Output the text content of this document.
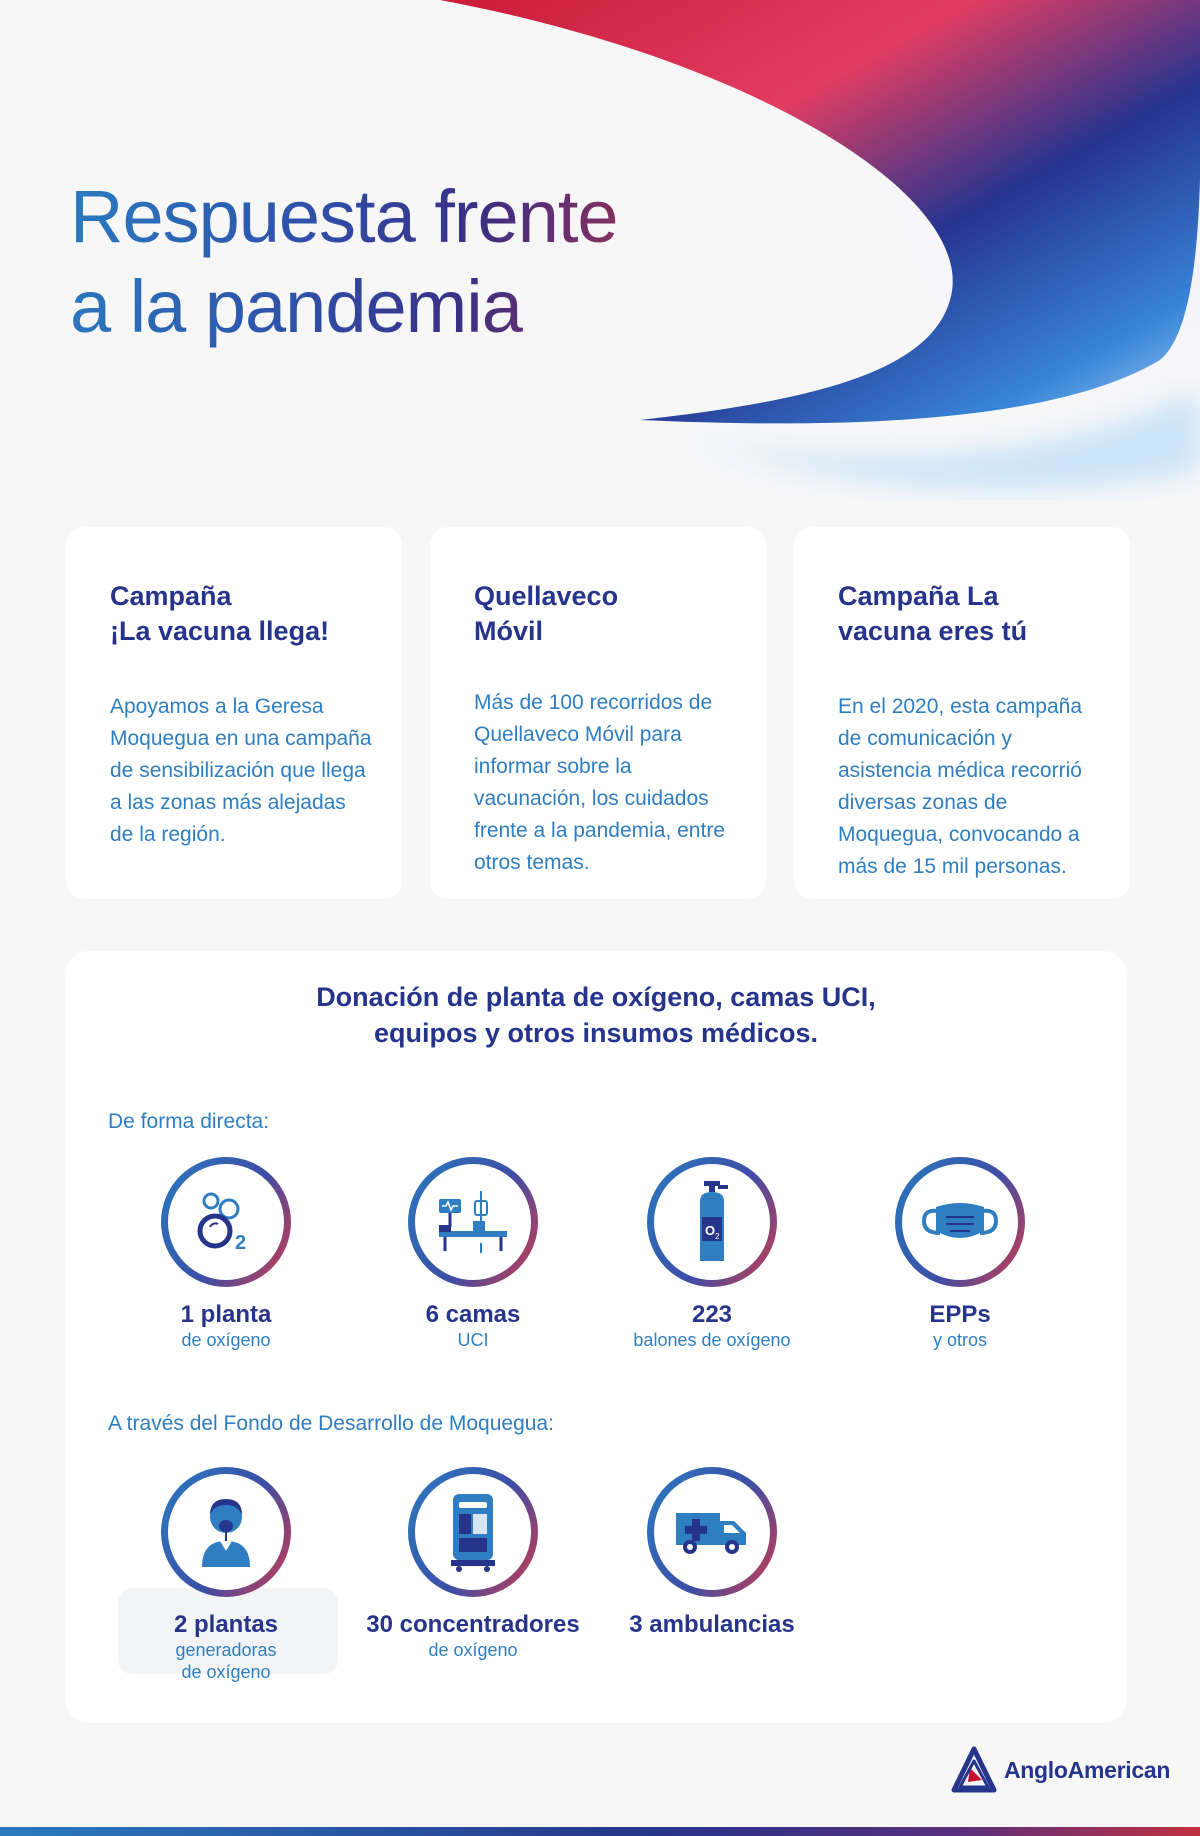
Respuesta frente
a la pandemia
Campaña
¡La vacuna llega!

Apoyamos a la Geresa Moquegua en una campaña de sensibilización que llega a las zonas más alejadas de la región.

Quellaveco
Móvil

Más de 100 recorridos de Quellaveco Móvil para informar sobre la vacunación, los cuidados frente a la pandemia, entre otros temas.

Campaña La
vacuna eres tú

En el 2020, esta campaña de comunicación y asistencia médica recorrió diversas zonas de Moquegua, convocando a más de 15 mil personas.

Donación de planta de oxígeno, camas UCI,
equipos y otros insumos médicos.
De forma directa:
2
1 planta
de oxígeno
6 camas
UCI
O 2
223
balones de oxígeno
EPPs
y otros
A través del Fondo de Desarrollo de Moquegua:
2 plantas
generadoras
de oxígeno
30 concentradores
de oxígeno
3 ambulancias
AngloAmerican
